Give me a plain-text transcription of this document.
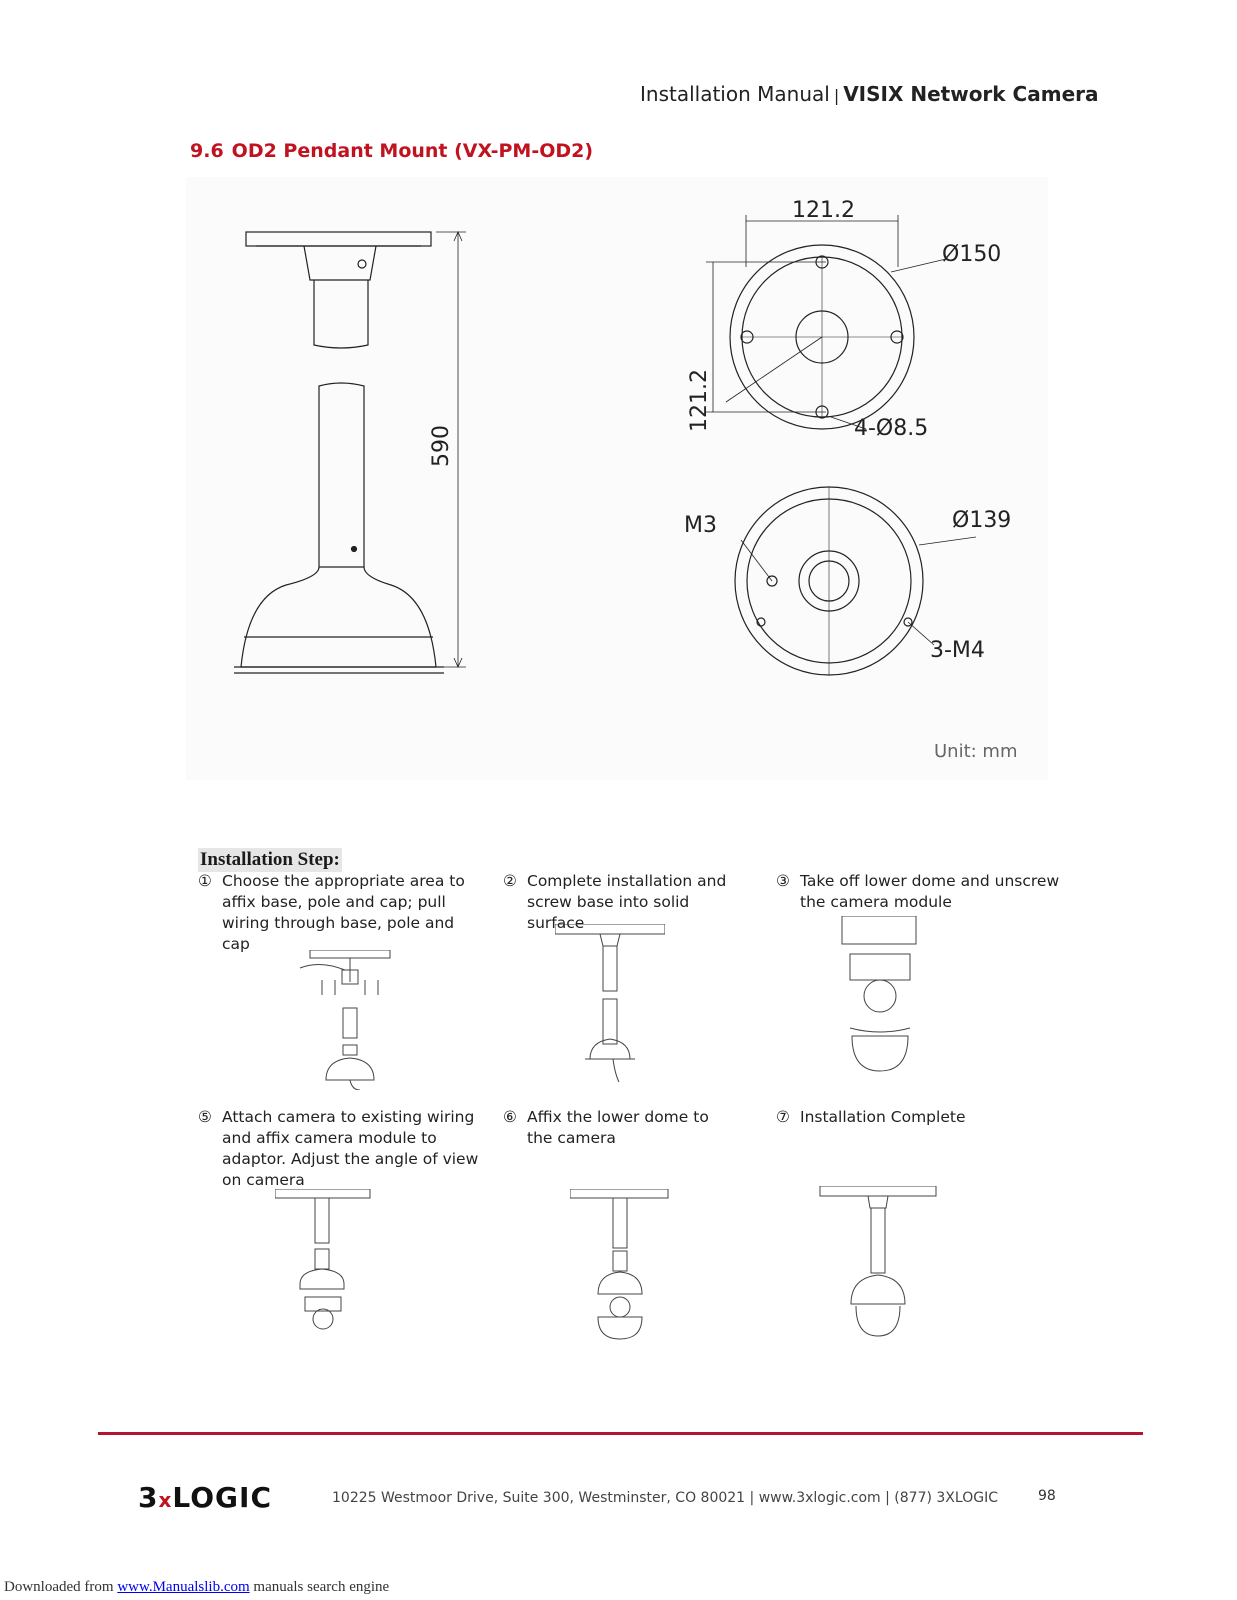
Installation Manual | VISIX Network Camera
9.6 OD2 Pendant Mount (VX-PM-OD2)
590
121.2
121.2
Ø150
4-Ø8.5
M3	Ø139
3-M4
Unit: mm
Installation Step:
① Choose the appropriate area to affix base, pole and cap; pull wiring through base, pole and cap
② Complete installation and screw base into solid surface
③ Take off lower dome and unscrew the camera module
⑤ Attach camera to existing wiring and affix camera module to adaptor. Adjust the angle of view on camera
⑥ Affix the lower dome to the camera
⑦ Installation Complete
3xLOGIC	10225 Westmoor Drive, Suite 300, Westminster, CO 80021 | www.3xlogic.com | (877) 3XLOGIC	98
Downloaded from www.Manualslib.com manuals search engine
